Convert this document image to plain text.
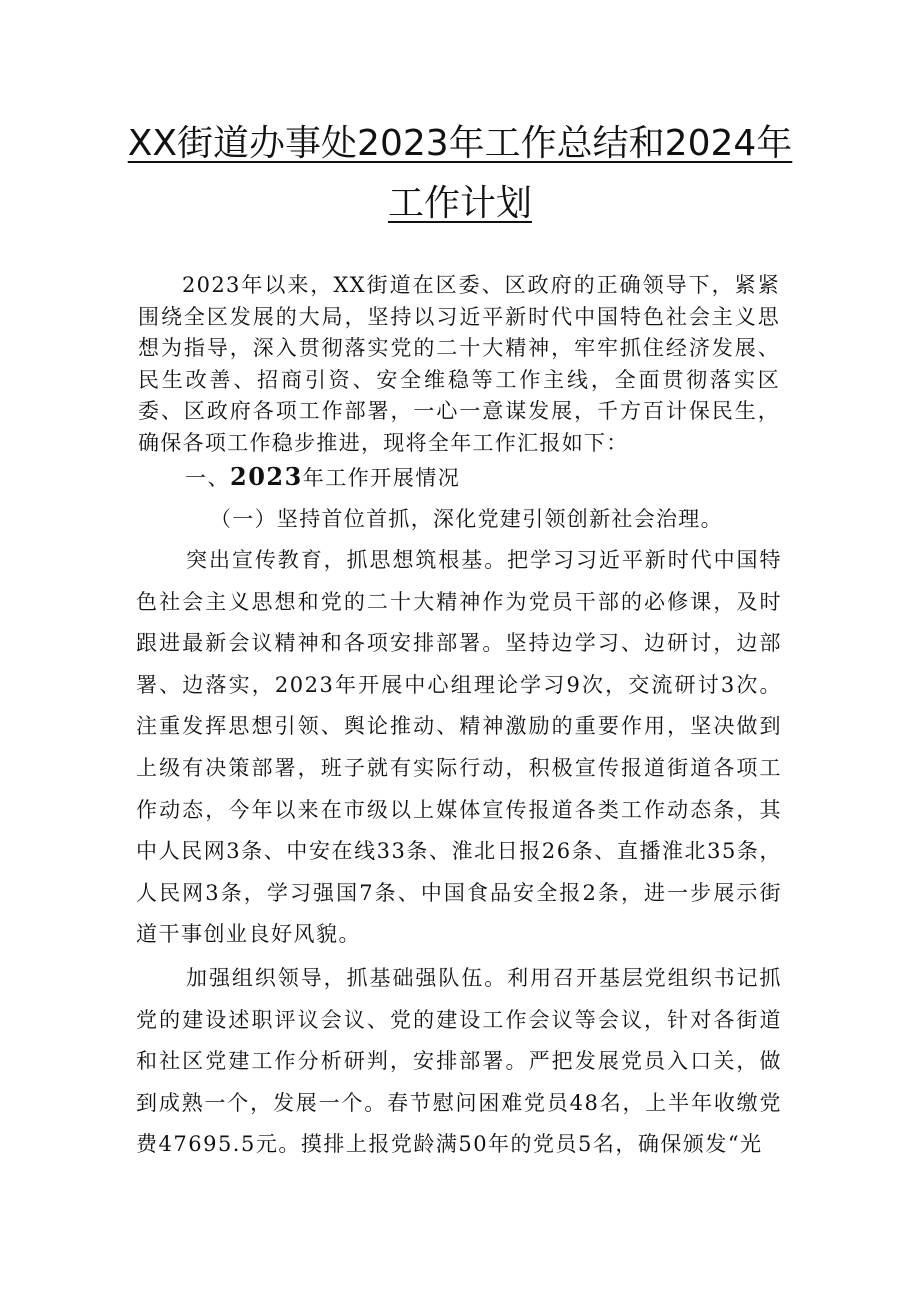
XX街道办事处2023年工作总结和2024年
工作计划

2023年以来，XX街道在区委、区政府的正确领导下，紧紧围绕全区发展的大局，坚持以习近平新时代中国特色社会主义思想为指导，深入贯彻落实党的二十大精神，牢牢抓住经济发展、民生改善、招商引资、安全维稳等工作主线，全面贯彻落实区委、区政府各项工作部署，一心一意谋发展，千方百计保民生，确保各项工作稳步推进，现将全年工作汇报如下：

一、2023年工作开展情况

（一）坚持首位首抓，深化党建引领创新社会治理。

突出宣传教育，抓思想筑根基。把学习习近平新时代中国特色社会主义思想和党的二十大精神作为党员干部的必修课，及时跟进最新会议精神和各项安排部署。坚持边学习、边研讨，边部署、边落实，2023年开展中心组理论学习9次，交流研讨3次。注重发挥思想引领、舆论推动、精神激励的重要作用，坚决做到上级有决策部署，班子就有实际行动，积极宣传报道街道各项工作动态，今年以来在市级以上媒体宣传报道各类工作动态条，其中人民网3条、中安在线33条、淮北日报26条、直播淮北35条，人民网3条，学习强国7条、中国食品安全报2条，进一步展示街道干事创业良好风貌。

加强组织领导，抓基础强队伍。利用召开基层党组织书记抓党的建设述职评议会议、党的建设工作会议等会议，针对各街道和社区党建工作分析研判，安排部署。严把发展党员入口关，做到成熟一个，发展一个。春节慰问困难党员48名，上半年收缴党费47695.5元。摸排上报党龄满50年的党员5名，确保颁发“光
